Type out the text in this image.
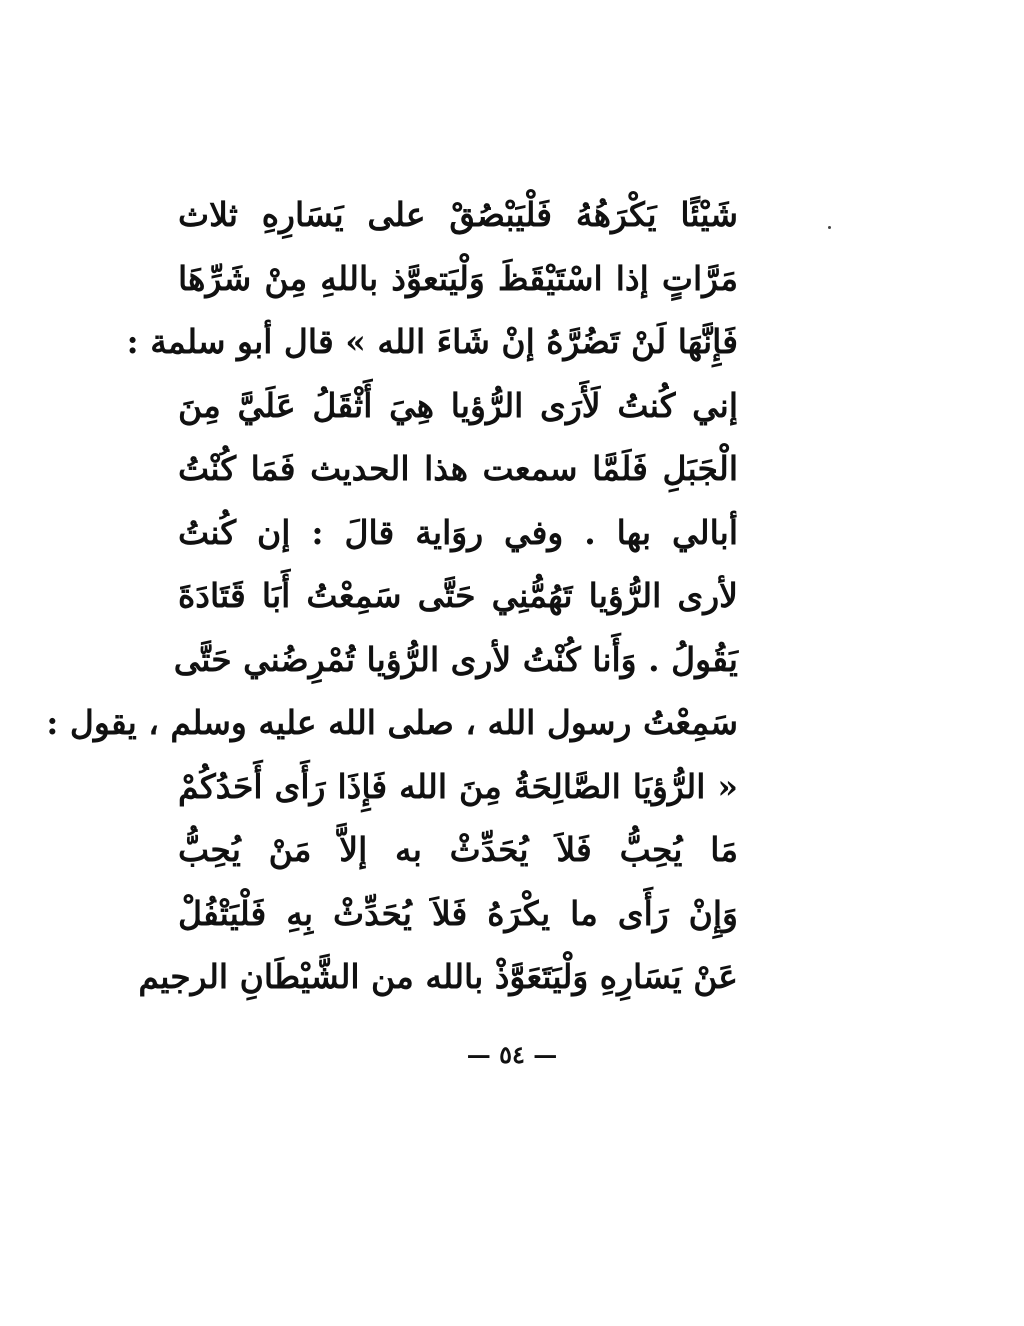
شَيْئًا يَكْرَهُهُ فَلْيَبْصُقْ على يَسَارِهِ ثلاث
مَرَّاتٍ إذا اسْتَيْقَظَ وَلْيَتعوَّذ باللهِ مِنْ شَرِّهَا
فَإِنَّهَا لَنْ تَضُرَّهُ إنْ شَاءَ الله » قال أبو سلمة :
إني كُنتُ لَأَرَى الرُّؤيا هِيَ أَثْقَلُ عَلَيَّ مِنَ
الْجَبَلِ فَلَمَّا سمعت هذا الحديث فَمَا كُنْتُ
أبالي بها . وفي روَاية قالَ : إن كُنتُ
لأرى الرُّؤيا تَهُمُّنِي حَتَّى سَمِعْتُ أَبَا قَتَادَةَ
يَقُولُ . وَأَنا كُنْتُ لأرى الرُّؤيا تُمْرِضُني حَتَّى
سَمِعْتُ رسول الله ، صلى الله عليه وسلم ، يقول :
« الرُّؤيَا الصَّالِحَةُ مِنَ الله فَإِذَا رَأَى أَحَدُكُمْ
مَا يُحِبُّ فَلاَ يُحَدِّثْ به إلاَّ مَنْ يُحِبُّ
وَإِنْ رَأَى ما يكْرَهُ فَلاَ يُحَدِّثْ بِهِ فَلْيَتْفُلْ
عَنْ يَسَارِهِ وَلْيَتَعَوَّذْ بالله من الشَّيْطَانِ الرجيم
— ٥٤ —
